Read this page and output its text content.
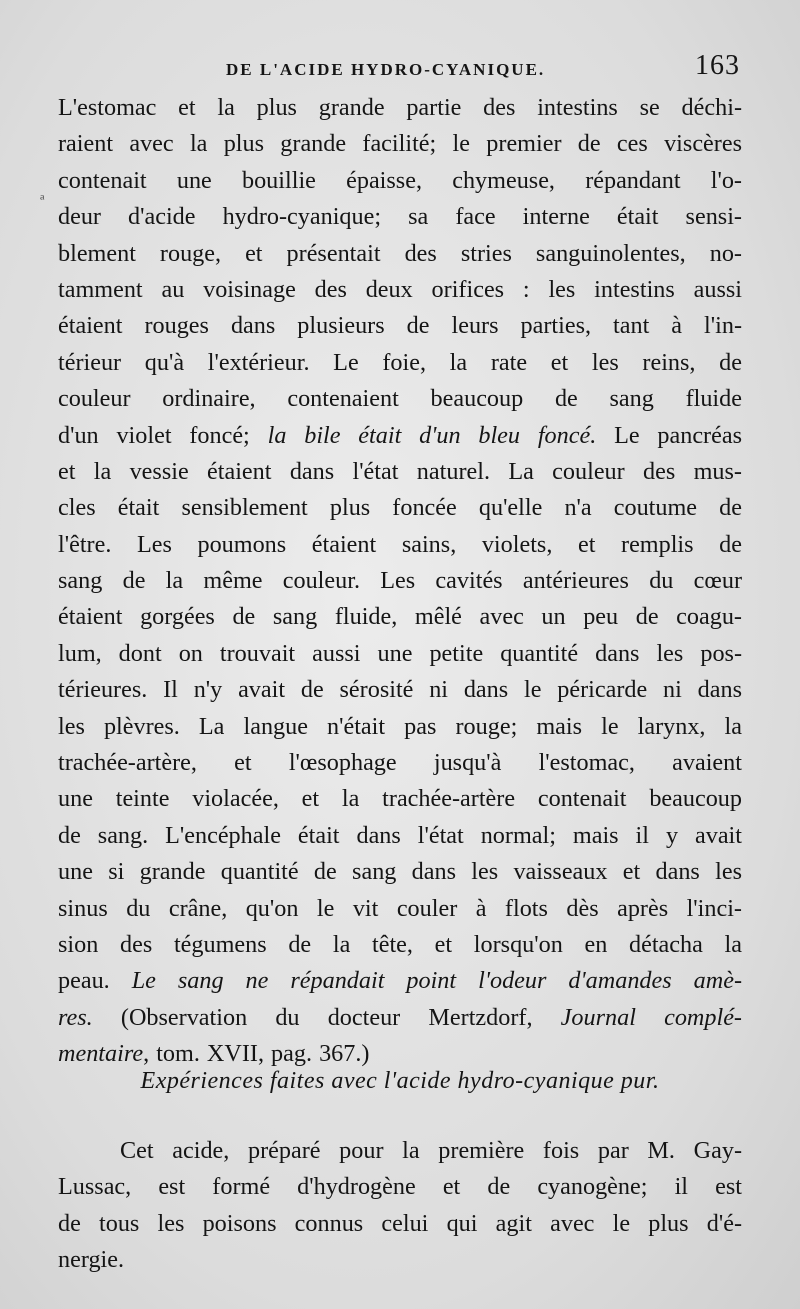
DE L'ACIDE HYDRO-CYANIQUE.	163
L'estomac et la plus grande partie des intestins se déchi-
raient avec la plus grande facilité; le premier de ces viscères
contenait une bouillie épaisse, chymeuse, répandant l'o-
deur d'acide hydro-cyanique; sa face interne était sensi-
blement rouge, et présentait des stries sanguinolentes, no-
tamment au voisinage des deux orifices : les intestins aussi
étaient rouges dans plusieurs de leurs parties, tant à l'in-
térieur qu'à l'extérieur. Le foie, la rate et les reins, de
couleur ordinaire, contenaient beaucoup de sang fluide
d'un violet foncé; la bile était d'un bleu foncé. Le pancréas
et la vessie étaient dans l'état naturel. La couleur des mus-
cles était sensiblement plus foncée qu'elle n'a coutume de
l'être. Les poumons étaient sains, violets, et remplis de
sang de la même couleur. Les cavités antérieures du cœur
étaient gorgées de sang fluide, mêlé avec un peu de coagu-
lum, dont on trouvait aussi une petite quantité dans les pos-
térieures. Il n'y avait de sérosité ni dans le péricarde ni dans
les plèvres. La langue n'était pas rouge; mais le larynx, la
trachée-artère, et l'œsophage jusqu'à l'estomac, avaient
une teinte violacée, et la trachée-artère contenait beaucoup
de sang. L'encéphale était dans l'état normal; mais il y avait
une si grande quantité de sang dans les vaisseaux et dans les
sinus du crâne, qu'on le vit couler à flots dès après l'inci-
sion des tégumens de la tête, et lorsqu'on en détacha la
peau. Le sang ne répandait point l'odeur d'amandes amè-
res. (Observation du docteur Mertzdorf, Journal complé-
mentaire, tom. XVII, pag. 367.)
Expériences faites avec l'acide hydro-cyanique pur.
Cet acide, préparé pour la première fois par M. Gay-
Lussac, est formé d'hydrogène et de cyanogène; il est
de tous les poisons connus celui qui agit avec le plus d'é-
nergie.
ª
